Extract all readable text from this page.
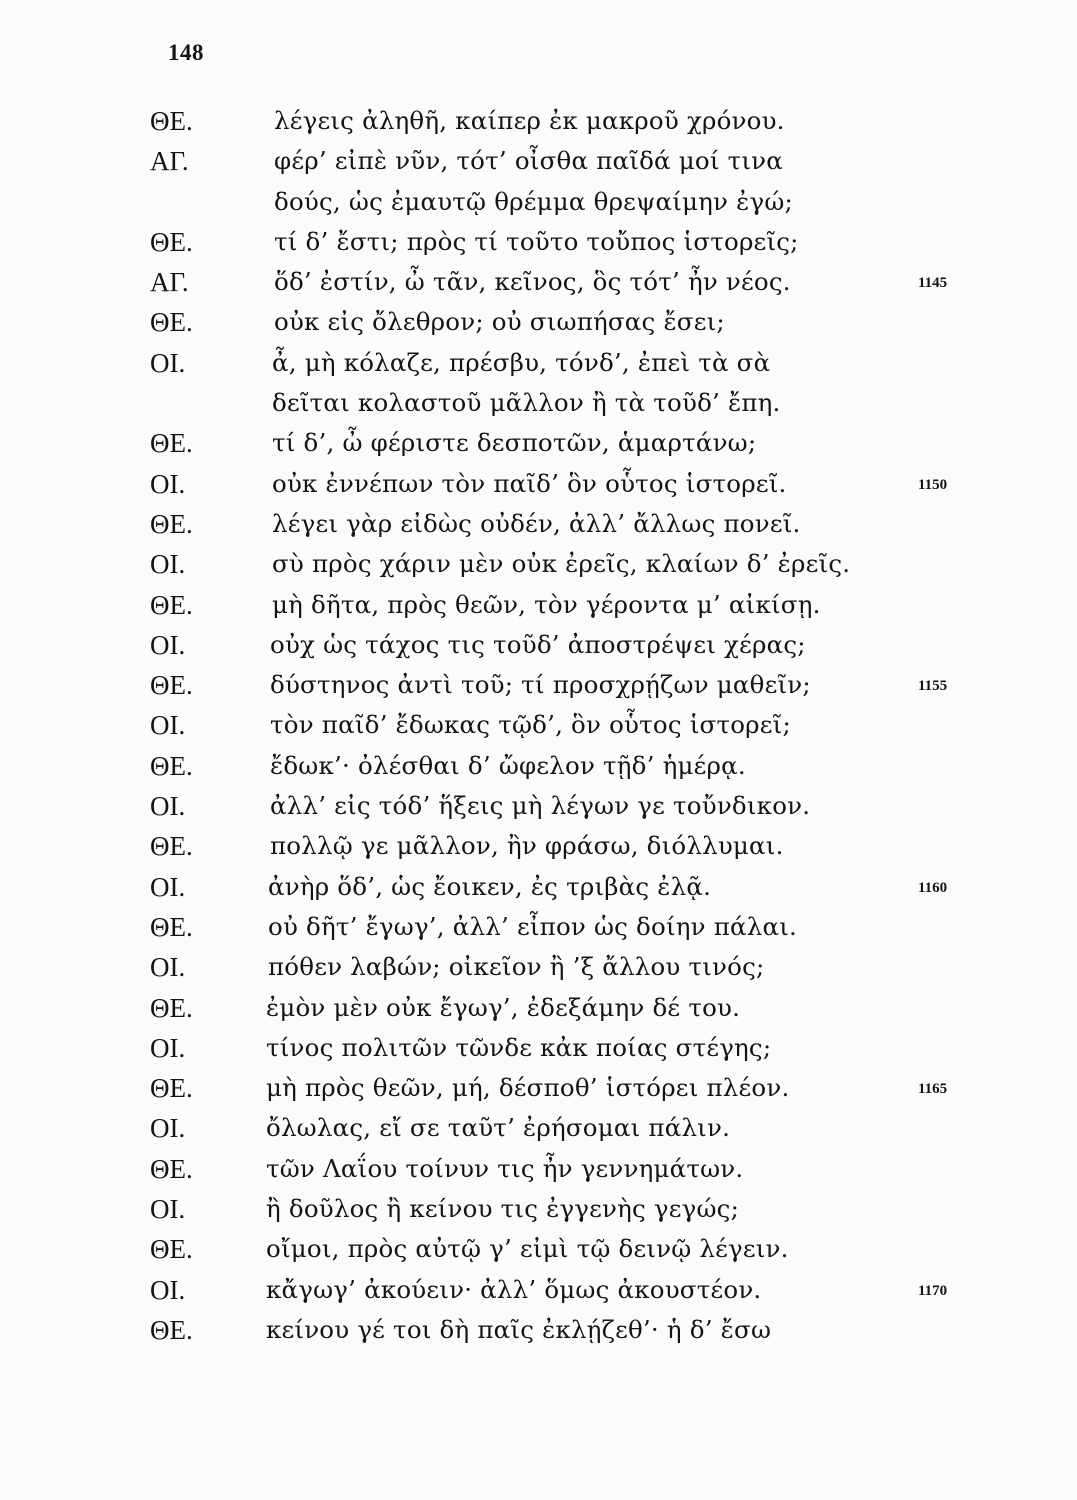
148
ΘΕ.	λέγεις ἀληθῆ, καίπερ ἐκ μακροῦ χρόνου.
ΑΓ.	φέρ’ εἰπὲ νῦν, τότ’ οἶσθα παῖδά μοί τινα
δούς, ὡς ἐμαυτῷ θρέμμα θρεψαίμην ἐγώ;
ΘΕ.	τί δ’ ἔστι; πρὸς τί τοῦτο τοὔπος ἱστορεῖς;
ΑΓ.	ὅδ’ ἐστίν, ὦ τᾶν, κεῖνος, ὃς τότ’ ἦν νέος.	1145
ΘΕ.	οὐκ εἰς ὄλεθρον; οὐ σιωπήσας ἔσει;
ΟΙ.	ἆ, μὴ κόλαζε, πρέσβυ, τόνδ’, ἐπεὶ τὰ σὰ
δεῖται κολαστοῦ μᾶλλον ἢ τὰ τοῦδ’ ἔπη.
ΘΕ.	τί δ’, ὦ φέριστε δεσποτῶν, ἁμαρτάνω;
ΟΙ.	οὐκ ἐννέπων τὸν παῖδ’ ὃν οὗτος ἱστορεῖ.	1150
ΘΕ.	λέγει γὰρ εἰδὼς οὐδέν, ἀλλ’ ἄλλως πονεῖ.
ΟΙ.	σὺ πρὸς χάριν μὲν οὐκ ἐρεῖς, κλαίων δ’ ἐρεῖς.
ΘΕ.	μὴ δῆτα, πρὸς θεῶν, τὸν γέροντα μ’ αἰκίσῃ.
ΟΙ.	οὐχ ὡς τάχος τις τοῦδ’ ἀποστρέψει χέρας;
ΘΕ.	δύστηνος ἀντὶ τοῦ; τί προσχρῄζων μαθεῖν;	1155
ΟΙ.	τὸν παῖδ’ ἔδωκας τῷδ’, ὃν οὗτος ἱστορεῖ;
ΘΕ.	ἔδωκ’· ὀλέσθαι δ’ ὤφελον τῇδ’ ἡμέρᾳ.
ΟΙ.	ἀλλ’ εἰς τόδ’ ἥξεις μὴ λέγων γε τοὔνδικον.
ΘΕ.	πολλῷ γε μᾶλλον, ἢν φράσω, διόλλυμαι.
ΟΙ.	ἀνὴρ ὅδ’, ὡς ἔοικεν, ἐς τριβὰς ἐλᾷ.	1160
ΘΕ.	οὐ δῆτ’ ἔγωγ’, ἀλλ’ εἶπον ὡς δοίην πάλαι.
ΟΙ.	πόθεν λαβών; οἰκεῖον ἢ ’ξ ἄλλου τινός;
ΘΕ.	ἐμὸν μὲν οὐκ ἔγωγ’, ἐδεξάμην δέ του.
ΟΙ.	τίνος πολιτῶν τῶνδε κἀκ ποίας στέγης;
ΘΕ.	μὴ πρὸς θεῶν, μή, δέσποθ’ ἱστόρει πλέον.	1165
ΟΙ.	ὄλωλας, εἴ σε ταῦτ’ ἐρήσομαι πάλιν.
ΘΕ.	τῶν Λαΐου τοίνυν τις ἦν γεννημάτων.
ΟΙ.	ἢ δοῦλος ἢ κείνου τις ἐγγενὴς γεγώς;
ΘΕ.	οἴμοι, πρὸς αὐτῷ γ’ εἰμὶ τῷ δεινῷ λέγειν.
ΟΙ.	κἄγωγ’ ἀκούειν· ἀλλ’ ὅμως ἀκουστέον.	1170
ΘΕ.	κείνου γέ τοι δὴ παῖς ἐκλῄζεθ’· ἡ δ’ ἔσω
